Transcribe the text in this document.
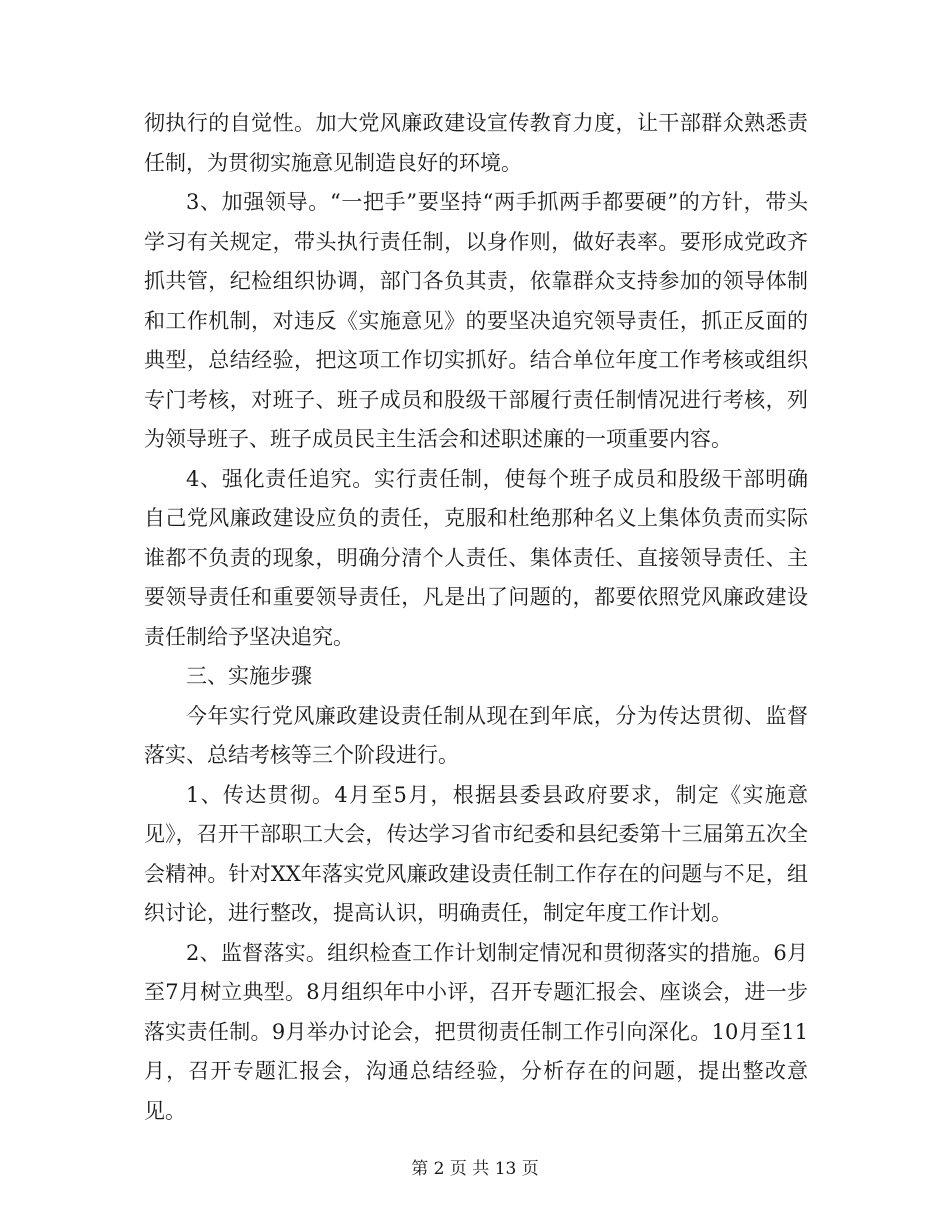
彻执行的自觉性。加大党风廉政建设宣传教育力度，让干部群众熟悉责任制，为贯彻实施意见制造良好的环境。

3、加强领导。“一把手”要坚持“两手抓两手都要硬”的方针，带头学习有关规定，带头执行责任制，以身作则，做好表率。要形成党政齐抓共管，纪检组织协调，部门各负其责，依靠群众支持参加的领导体制和工作机制，对违反《实施意见》的要坚决追究领导责任，抓正反面的典型，总结经验，把这项工作切实抓好。结合单位年度工作考核或组织专门考核，对班子、班子成员和股级干部履行责任制情况进行考核，列为领导班子、班子成员民主生活会和述职述廉的一项重要内容。

4、强化责任追究。实行责任制，使每个班子成员和股级干部明确自己党风廉政建设应负的责任，克服和杜绝那种名义上集体负责而实际谁都不负责的现象，明确分清个人责任、集体责任、直接领导责任、主要领导责任和重要领导责任，凡是出了问题的，都要依照党风廉政建设责任制给予坚决追究。

三、实施步骤

今年实行党风廉政建设责任制从现在到年底，分为传达贯彻、监督落实、总结考核等三个阶段进行。

1、传达贯彻。4月至5月，根据县委县政府要求，制定《实施意见》，召开干部职工大会，传达学习省市纪委和县纪委第十三届第五次全会精神。针对XX年落实党风廉政建设责任制工作存在的问题与不足，组织讨论，进行整改，提高认识，明确责任，制定年度工作计划。

2、监督落实。组织检查工作计划制定情况和贯彻落实的措施。6月至7月树立典型。8月组织年中小评，召开专题汇报会、座谈会，进一步落实责任制。9月举办讨论会，把贯彻责任制工作引向深化。10月至11月，召开专题汇报会，沟通总结经验，分析存在的问题，提出整改意见。

第 2 页 共 13 页
